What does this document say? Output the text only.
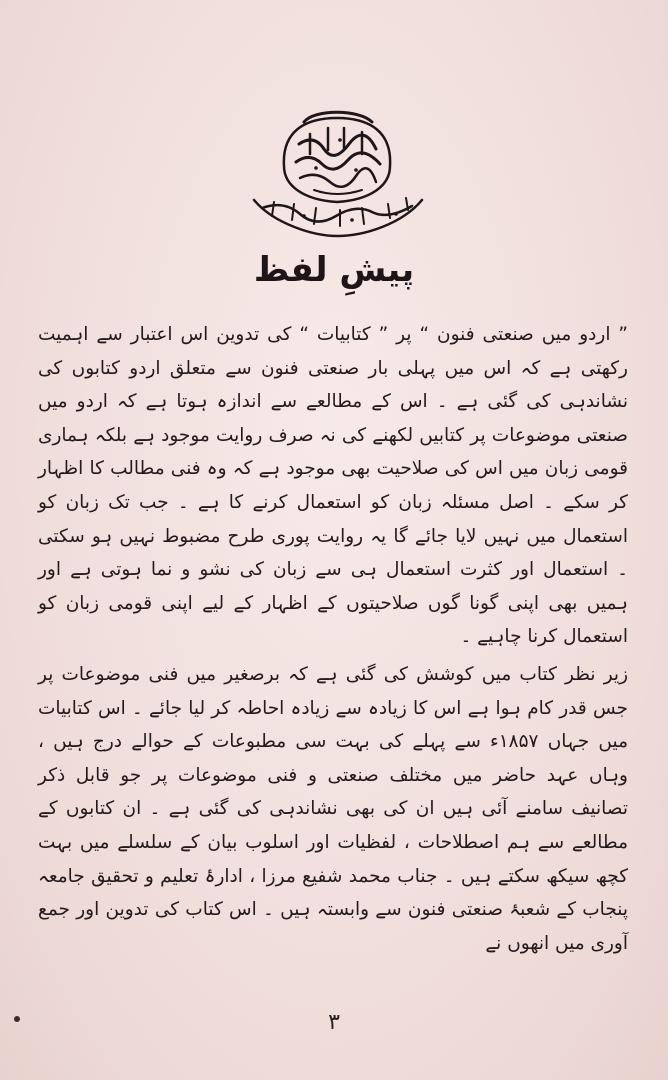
پیشِ لفظ

” اردو میں صنعتی فنون “ پر ” کتابیات “ کی تدوین اس اعتبار سے اہمیت رکھتی ہے کہ اس میں پہلی بار صنعتی فنون سے متعلق اردو کتابوں کی نشاندہی کی گئی ہے ۔ اس کے مطالعے سے اندازہ ہوتا ہے کہ اردو میں صنعتی موضوعات پر کتابیں لکھنے کی نہ صرف روایت موجود ہے بلکہ ہماری قومی زبان میں اس کی صلاحیت بھی موجود ہے کہ وہ فنی مطالب کا اظہار کر سکے ۔ اصل مسئلہ زبان کو استعمال کرنے کا ہے ۔ جب تک زبان کو استعمال میں نہیں لایا جائے گا یہ روایت پوری طرح مضبوط نہیں ہو سکتی ۔ استعمال اور کثرت استعمال ہی سے زبان کی نشو و نما ہوتی ہے اور ہمیں بھی اپنی گونا گوں صلاحیتوں کے اظہار کے لیے اپنی قومی زبان کو استعمال کرنا چاہیے ۔

زیر نظر کتاب میں کوشش کی گئی ہے کہ برصغیر میں فنی موضوعات پر جس قدر کام ہوا ہے اس کا زیادہ سے زیادہ احاطہ کر لیا جائے ۔ اس کتابیات میں جہاں ۱۸۵۷ء سے پہلے کی بہت سی مطبوعات کے حوالے درج ہیں ، وہاں عہد حاضر میں مختلف صنعتی و فنی موضوعات پر جو قابل ذکر تصانیف سامنے آئی ہیں ان کی بھی نشاندہی کی گئی ہے ۔ ان کتابوں کے مطالعے سے ہم اصطلاحات ، لفظیات اور اسلوب بیان کے سلسلے میں بہت کچھ سیکھ سکتے ہیں ۔ جناب محمد شفیع مرزا ، ادارۂ تعلیم و تحقیق جامعہ پنجاب کے شعبۂ صنعتی فنون سے وابستہ ہیں ۔ اس کتاب کی تدوین اور جمع آوری میں انھوں نے

۳
